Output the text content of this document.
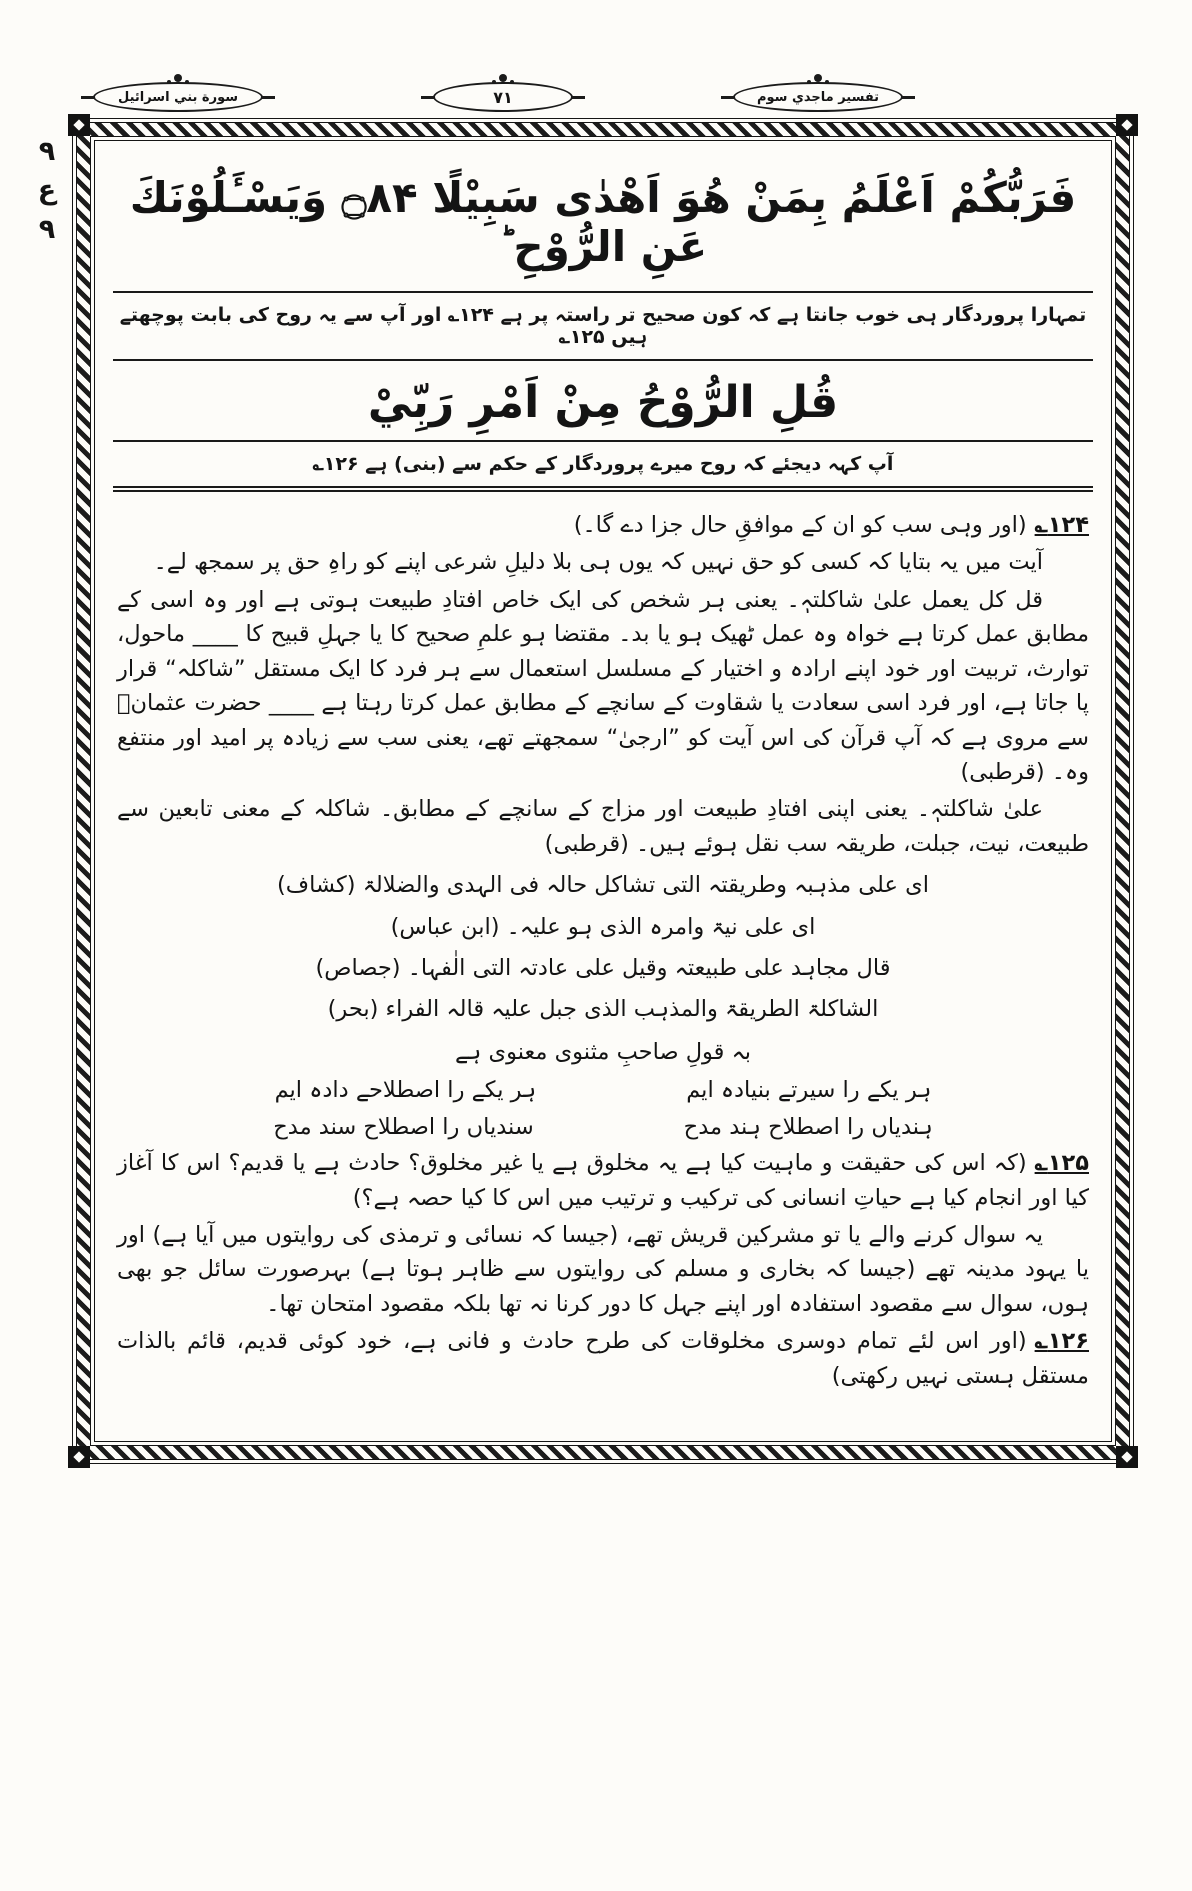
سورة بني اسرائيل	٧١	تفسير ماجدي سوم
٩
ع
٩
فَرَبُّكُمْ اَعْلَمُ بِمَنْ هُوَ اَهْدٰى سَبِيْلًا ۝۸۴ وَيَسْـَٔلُوْنَكَ عَنِ الرُّوْحِ ؕ
تمہارا پروردگار ہی خوب جانتا ہے کہ کون صحیح تر راستہ پر ہے ۱۲۴؎ اور آپ سے یہ روح کی بابت پوچھتے ہیں ۱۲۵؎
قُلِ الرُّوْحُ مِنْ اَمْرِ رَبِّيْ
آپ کہہ دیجئے کہ روح میرے پروردگار کے حکم سے (بنی) ہے ۱۲۶؎

۱۲۴؎(اور وہی سب کو ان کے موافقِ حال جزا دے گا۔)

آیت میں یہ بتایا کہ کسی کو حق نہیں کہ یوں ہی بلا دلیلِ شرعی اپنے کو راہِ حق پر سمجھ لے۔

قل کل یعمل علیٰ شاکلتہٖ۔ یعنی ہر شخص کی ایک خاص افتادِ طبیعت ہوتی ہے اور وہ اسی کے مطابق عمل کرتا ہے خواہ وہ عمل ٹھیک ہو یا بد۔ مقتضا ہو علمِ صحیح کا یا جہلِ قبیح کا ____ ماحول، توارث، تربیت اور خود اپنے ارادہ و اختیار کے مسلسل استعمال سے ہر فرد کا ایک مستقل ”شاکلہ“ قرار پا جاتا ہے، اور فرد اسی سعادت یا شقاوت کے سانچے کے مطابق عمل کرتا رہتا ہے ____ حضرت عثمانؓ سے مروی ہے کہ آپ قرآن کی اس آیت کو ”ارجیٰ“ سمجھتے تھے، یعنی سب سے زیادہ پر امید اور منتفع وہ۔ (قرطبی)

علیٰ شاکلتہٖ۔ یعنی اپنی افتادِ طبیعت اور مزاج کے سانچے کے مطابق۔ شاکلہ کے معنی تابعین سے طبیعت، نیت، جبلت، طریقہ سب نقل ہوئے ہیں۔ (قرطبی)

ای علی مذہبہ وطریقتہ التی تشاکل حالہ فی الہدی والضلالۃ (کشاف)

ای علی نیۃ وامرہ الذی ہو علیہ۔ (ابن عباس)

قال مجاہد علی طبیعتہ وقیل علی عادتہ التی الٰفہا۔ (جصاص)

الشاکلۃ الطریقۃ والمذہب الذی جبل علیہ قالہ الفراء (بحر)

بہ قولِ صاحبِ مثنوی معنوی ہے

ہر یکے را سیرتے بنیادہ ایم
ہر یکے را اصطلاحے دادہ ایم
ہندیاں را اصطلاح ہند مدح
سندیاں را اصطلاح سند مدح

۱۲۵؎(کہ اس کی حقیقت و ماہیت کیا ہے یہ مخلوق ہے یا غیر مخلوق؟ حادث ہے یا قدیم؟ اس کا آغاز کیا اور انجام کیا ہے حیاتِ انسانی کی ترکیب و ترتیب میں اس کا کیا حصہ ہے؟)

یہ سوال کرنے والے یا تو مشرکین قریش تھے، (جیسا کہ نسائی و ترمذی کی روایتوں میں آیا ہے) اور یا یہود مدینہ تھے (جیسا کہ بخاری و مسلم کی روایتوں سے ظاہر ہوتا ہے) بہرصورت سائل جو بھی ہوں، سوال سے مقصود استفادہ اور اپنے جہل کا دور کرنا نہ تھا بلکہ مقصود امتحان تھا۔

۱۲۶؎(اور اس لئے تمام دوسری مخلوقات کی طرح حادث و فانی ہے، خود کوئی قدیم، قائم بالذات مستقل ہستی نہیں رکھتی)
